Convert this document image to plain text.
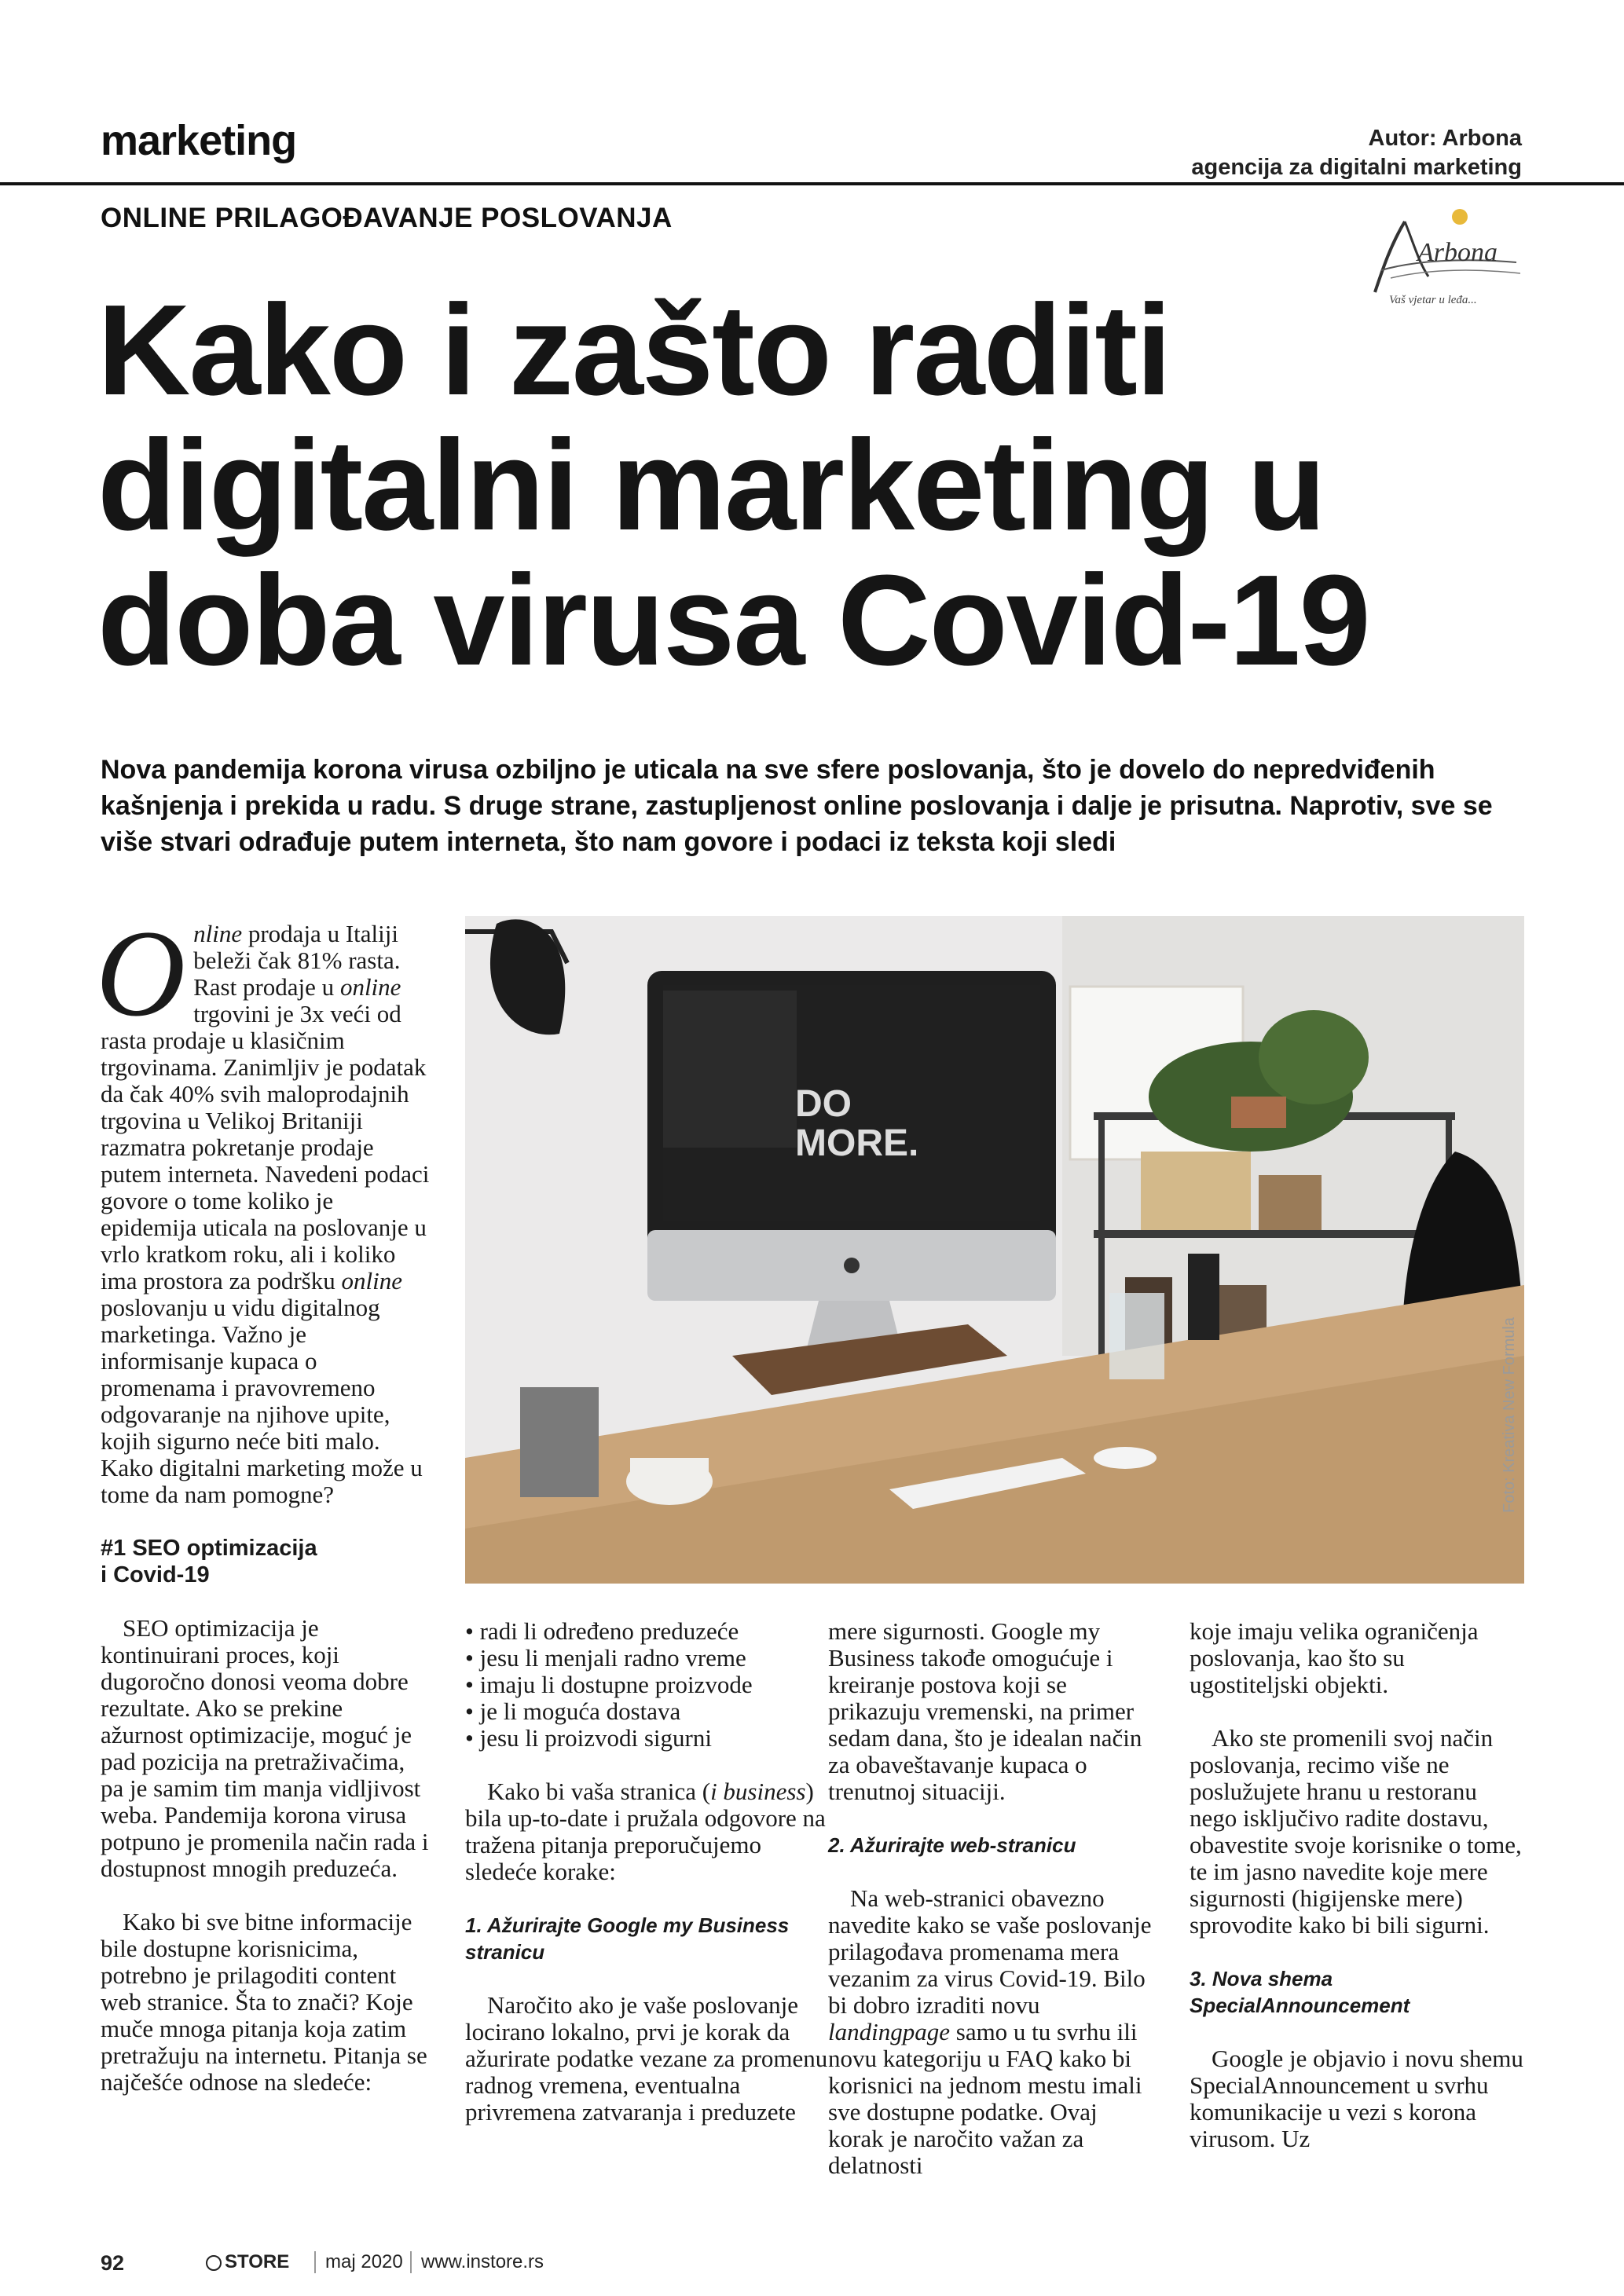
marketing	Autor: Arbona
agencija za digitalni marketing
ONLINE PRILAGOĐAVANJE POSLOVANJA
Arbona
Vaš vjetar u leđa...
Kako i zašto raditi
digitalni marketing u
doba virusa Covid-19
Nova pandemija korona virusa ozbiljno je uticala na sve sfere poslovanja, što je dovelo do nepredviđenih kašnjenja i prekida u radu. S druge strane, zastupljenost online poslovanja i dalje je prisutna. Naprotiv, sve se više stvari odrađuje putem interneta, što nam govore i podaci iz teksta koji sledi

Online prodaja u Italiji beleži čak 81% rasta. Rast prodaje u online trgovini je 3x veći od rasta prodaje u klasičnim trgovinama. Zanimljiv je podatak da čak 40% svih maloprodajnih trgovina u Velikoj Britaniji razmatra pokretanje prodaje putem interneta. Navedeni podaci govore o tome koliko je epidemija uticala na poslovanje u vrlo kratkom roku, ali i koliko ima prostora za podršku online poslovanju u vidu digitalnog marketinga. Važno je informisanje kupaca o promenama i pravovremeno odgovaranje na njihove upite, kojih sigurno neće biti malo. Kako digitalni marketing može u tome da nam pomogne?

#1 SEO optimizacija
i Covid-19

SEO optimizacija je kontinuirani proces, koji dugoročno donosi veoma dobre rezultate. Ako se prekine ažurnost optimizacije, moguć je pad pozicija na pretraživačima, pa je samim tim manja vidljivost weba. Pandemija korona virusa potpuno je promenila način rada i dostupnost mnogih preduzeća.

Kako bi sve bitne informacije bile dostupne korisnicima, potrebno je prilagoditi content web stranice. Šta to znači? Kojе muče mnoga pitanja koja zatim pretražuju na internetu. Pitanja se najčešće odnose na sledeće:

DO
MORE.
Foto: Kreativa New Formula
• radi li određeno preduzeće
• jesu li menjali radno vreme
• imaju li dostupne proizvode
• je li moguća dostava
• jesu li proizvodi sigurni

Kako bi vaša stranica (i business) bila up-to-date i pružala odgovore na tražena pitanja preporučujemo sledeće korake:

1. Ažurirajte Google my Business stranicu

Naročito ako je vaše poslovanje locirano lokalno, prvi je korak da ažurirate podatke vezane za promenu radnog vremena, eventualna privremena zatvaranja i preduzete

mere sigurnosti. Google my Business takođe omogućuje i kreiranje postova koji se prikazuju vremenski, na primer sedam dana, što je idealan način za obaveštavanje kupaca o trenutnoj situaciji.

2. Ažurirajte web-stranicu

Na web-stranici obavezno navedite kako se vaše poslovanje prilagođava promenama mera vezanim za virus Covid-19. Bilo bi dobro izraditi novu landingpage samo u tu svrhu ili novu kategoriju u FAQ kako bi korisnici na jednom mestu imali sve dostupne podatke. Ovaj korak je naročito važan za delatnosti

koje imaju velika ograničenja poslovanja, kao što su ugostiteljski objekti.

Ako ste promenili svoj način poslovanja, recimo više ne poslužujete hranu u restoranu nego isključivo radite dostavu, obavestite svoje korisnike o tome, te im jasno navedite koje mere sigurnosti (higijenske mere) sprovodite kako bi bili sigurni.

3. Nova shema SpecialAnnouncement

Google je objavio i novu shemu SpecialAnnouncement u svrhu komunikacije u vezi s korona virusom. Uz

92	STORE	maj 2020 www.instore.rs
